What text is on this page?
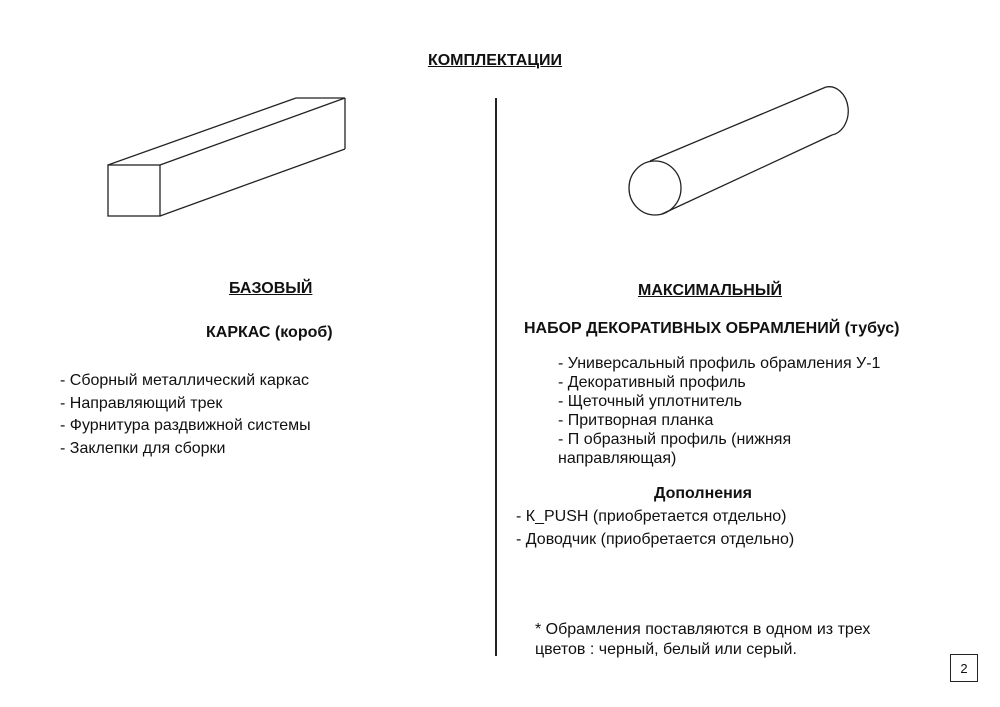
КОМПЛЕКТАЦИИ
БАЗОВЫЙ
КАРКАС (короб)
- Сборный металлический каркас
- Направляющий трек
- Фурнитура раздвижной системы
- Заклепки для сборки
МАКСИМАЛЬНЫЙ
НАБОР ДЕКОРАТИВНЫХ ОБРАМЛЕНИЙ (тубус)
- Универсальный профиль обрамления У-1
- Декоративный профиль
- Щеточный уплотнитель
- Притворная планка
- П образный профиль (нижняя
направляющая)
Дополнения
- К_PUSH (приобретается отдельно)
- Доводчик (приобретается отдельно)
* Обрамления поставляются в одном из трех
цветов : черный, белый или серый.
2
